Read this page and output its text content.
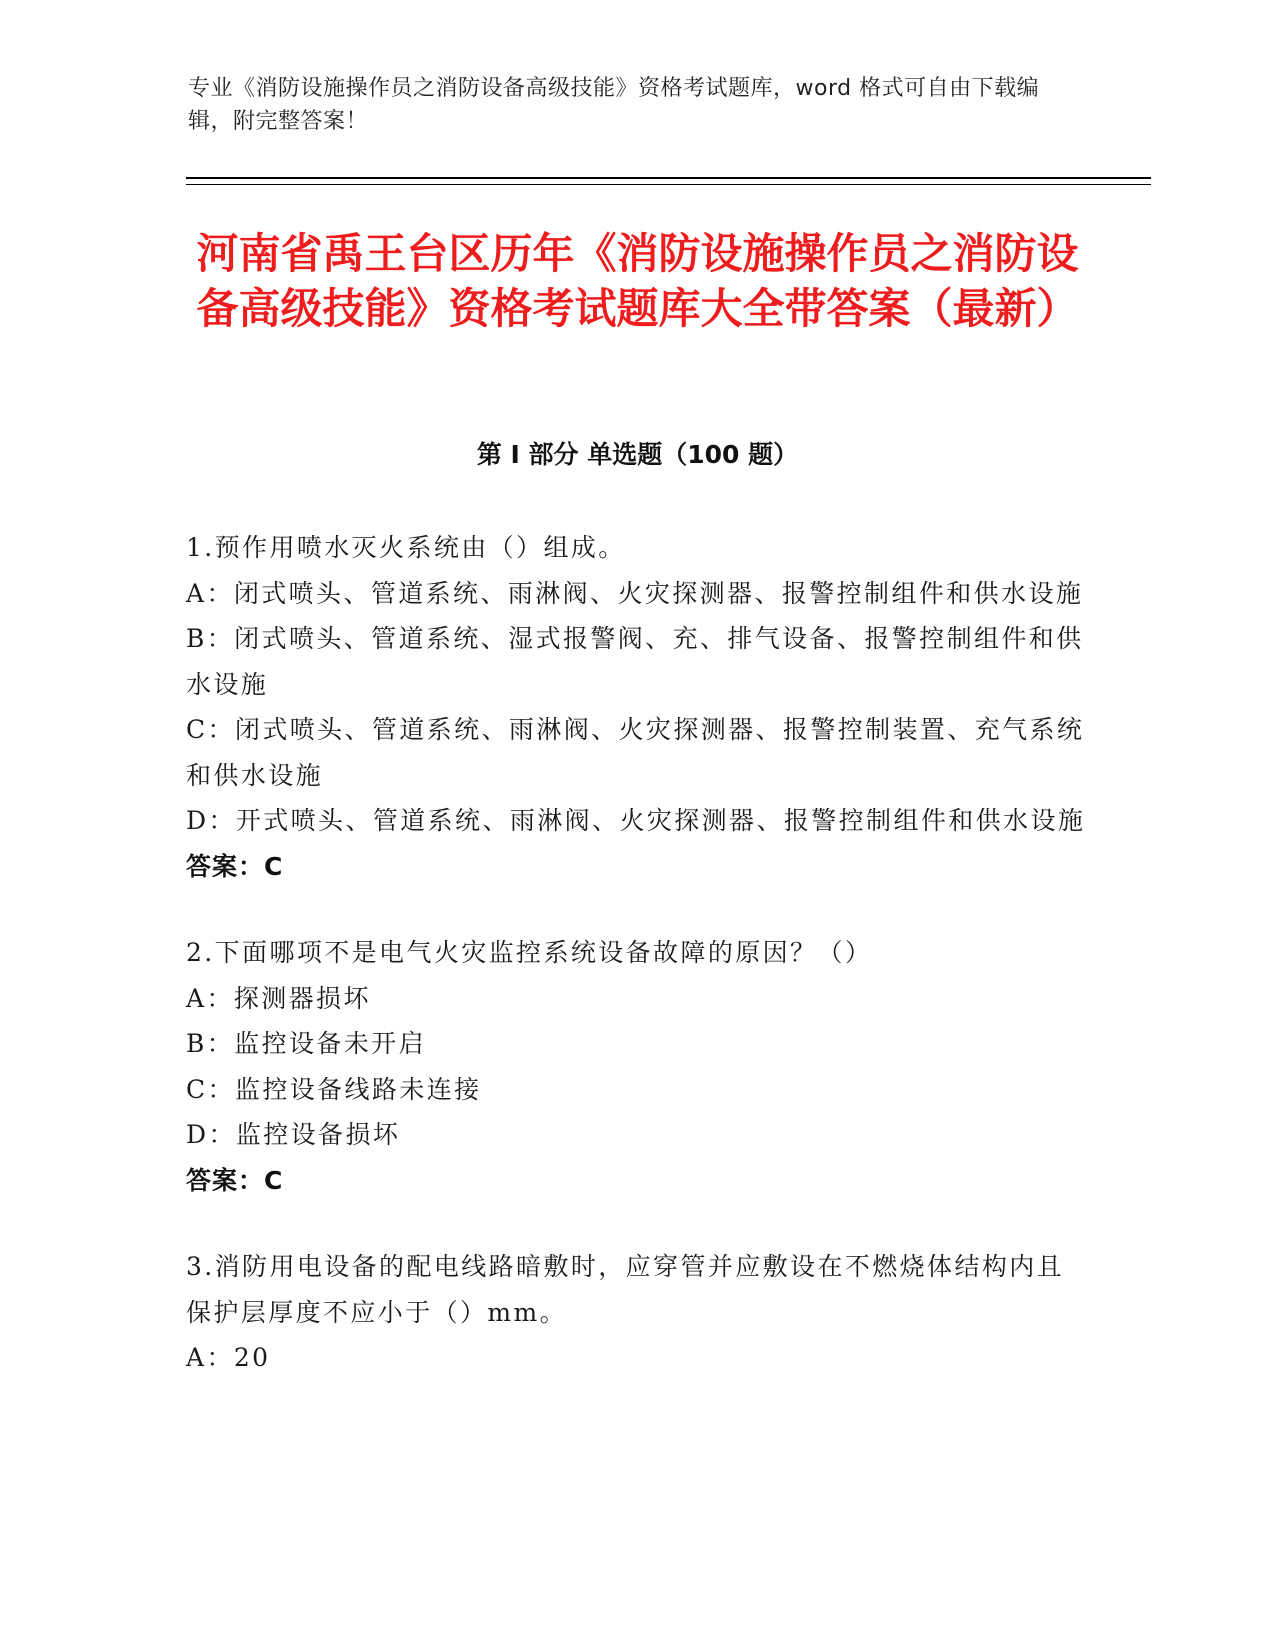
专业《消防设施操作员之消防设备高级技能》资格考试题库，word 格式可自由下载编辑，附完整答案！
河南省禹王台区历年《消防设施操作员之消防设备高级技能》资格考试题库大全带答案（最新）
第 I 部分 单选题（100 题）
1.预作用喷水灭火系统由（）组成。
A：闭式喷头、管道系统、雨淋阀、火灾探测器、报警控制组件和供水设施
B：闭式喷头、管道系统、湿式报警阀、充、排气设备、报警控制组件和供水设施
C：闭式喷头、管道系统、雨淋阀、火灾探测器、报警控制装置、充气系统和供水设施
D：开式喷头、管道系统、雨淋阀、火灾探测器、报警控制组件和供水设施
答案：C
2.下面哪项不是电气火灾监控系统设备故障的原因？（）
A：探测器损坏
B：监控设备未开启
C：监控设备线路未连接
D：监控设备损坏
答案：C
3.消防用电设备的配电线路暗敷时，应穿管并应敷设在不燃烧体结构内且保护层厚度不应小于（）mm。
A：20
